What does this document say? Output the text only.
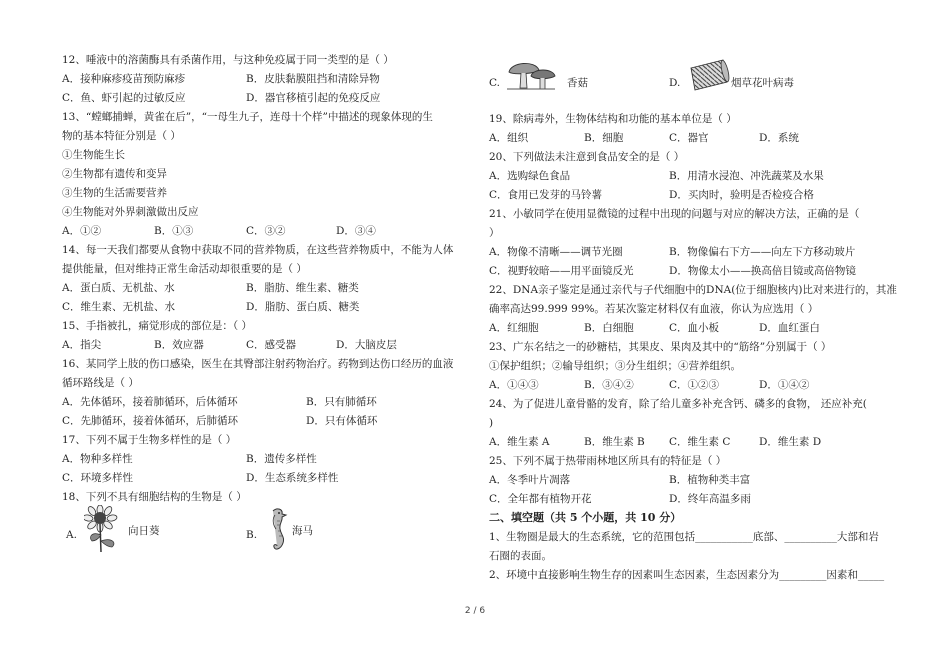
12、唾液中的溶菌酶具有杀菌作用，与这种免疫属于同一类型的是（ ）
A．接种麻疹疫苗预防麻疹	B．皮肤黏膜阻挡和清除异物
C．鱼、虾引起的过敏反应	D．器官移植引起的免疫反应
13、“螳螂捕蝉，黄雀在后”，“一母生九子，连母十个样”中描述的现象体现的生
物的基本特征分别是（ ）
①生物能生长
②生物都有遗传和变异
③生物的生活需要营养
④生物能对外界刺激做出反应
A．①②	B．①③	C．③②	D．③④
14、每一天我们都要从食物中获取不同的营养物质，在这些营养物质中，不能为人体
提供能量，但对维持正常生命活动却很重要的是（ ）
A．蛋白质、无机盐、水	B．脂肪、维生素、糖类
C．维生素、无机盐、水	D．脂肪、蛋白质、糖类
15、手指被扎，痛觉形成的部位是：（ ）
A．指尖	B．效应器	C．感受器	D．大脑皮层
16、某同学上肢的伤口感染，医生在其臀部注射药物治疗。药物到达伤口经历的血液
循环路线是（ ）
A．先体循环，接着肺循环，后体循环	B．只有肺循环
C．先肺循环，接着体循环，后肺循环	D．只有体循环
17、下列不属于生物多样性的是（ ）
A．物种多样性	B．遗传多样性
C．环境多样性	D．生态系统多样性
18、下列不具有细胞结构的生物是（ ）
A.	向日葵	B.	海马
C.	香菇	D.	烟草花叶病毒
19、除病毒外，生物体结构和功能的基本单位是（ ）
A．组织	B．细胞	C．器官	D．系统
20、下列做法未注意到食品安全的是（ ）
A．选购绿色食品	B．用清水浸泡、冲洗蔬菜及水果
C．食用已发芽的马铃薯	D．买肉时，验明是否检疫合格
21、小敏同学在使用显微镜的过程中出现的问题与对应的解决方法，正确的是（
）
A．物像不清晰——调节光圈	B．物像偏右下方——向左下方移动玻片
C．视野较暗——用平面镜反光	D．物像太小——换高倍目镜或高倍物镜
22、DNA亲子鉴定是通过亲代与子代细胞中的DNA(位于细胞核内)比对来进行的，其准
确率高达99.999 99%。若某次鉴定材料仅有血液，你认为应选用（ ）
A．红细胞	B．白细胞	C．血小板	D．血红蛋白
23、广东名结之一的砂糖桔，其果皮、果肉及其中的“筋络”分别属于（ ）
①保护组织；②输导组织；③分生组织；④营养组织。
A．①④③	B．③④②	C．①②③	D．①④②
24、为了促进儿童骨骼的发育，除了给儿童多补充含钙、磷多的食物， 还应补充(
)
A．维生素 A	B．维生素 B C．维生素 C	D．维生素 D
25、下列不属于热带雨林地区所具有的特征是（ ）
A．冬季叶片凋落	B．植物种类丰富
C．全年都有植物开花	D．终年高温多雨
二、填空题（共 5 个小题，共 10 分）
1、生物圈是最大的生态系统，它的范围包括___________底部、__________大部和岩
石圈的表面。
2、环境中直接影响生物生存的因素叫生态因素，生态因素分为_________因素和_____
2 / 6
